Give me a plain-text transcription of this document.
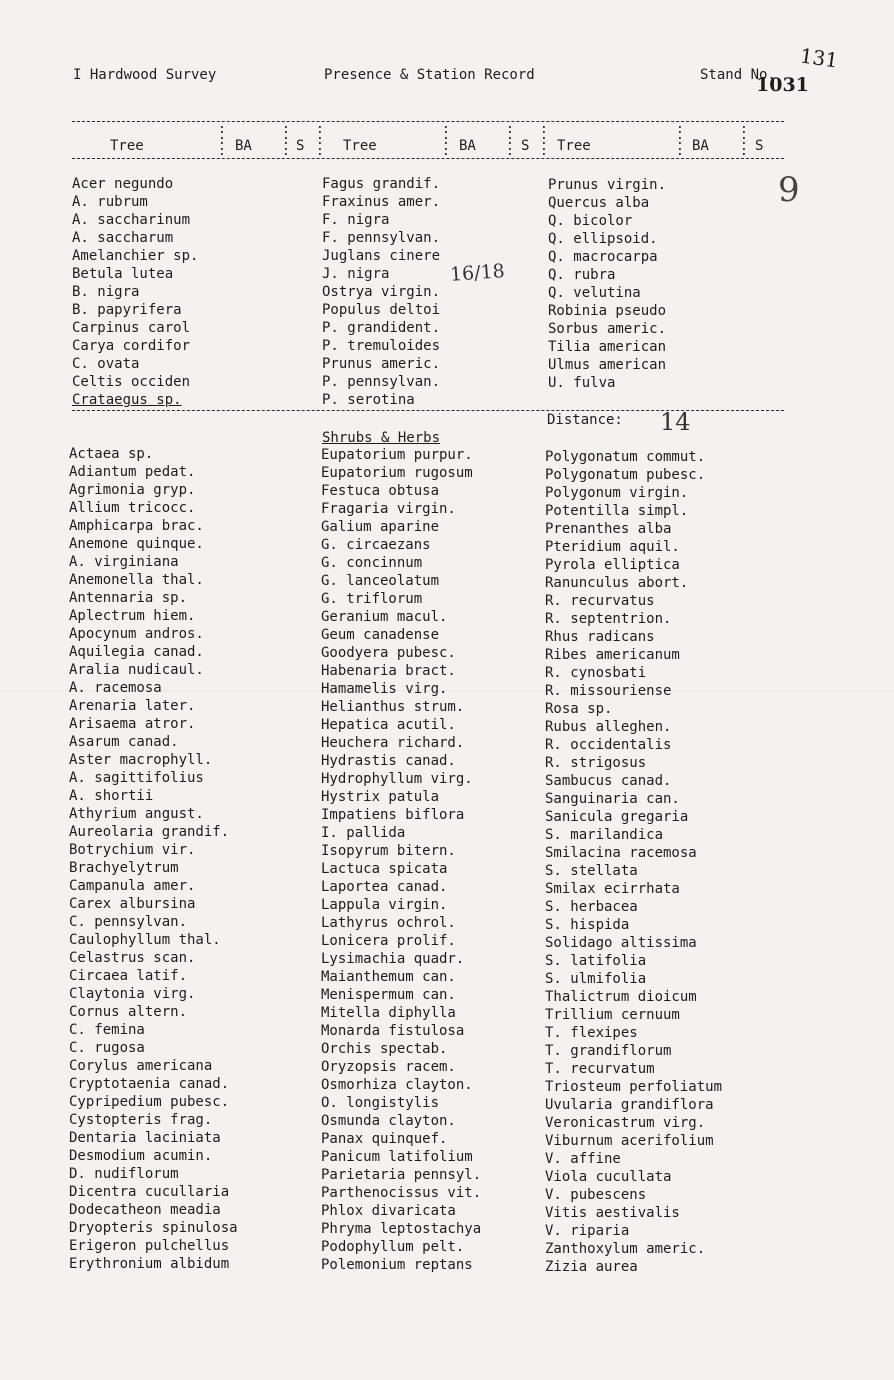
I Hardwood Survey	Presence & Station Record	Stand No.
131
1031
Tree	BA	S	Tree	BA	S Tree	BA	S
:
:
:
:
:
:
:
:
:
:
:
:
:
:
:
:
:
:
:
:
:
:
:
:
Acer negundo
A. rubrum
A. saccharinum
A. saccharum
Amelanchier sp.
Betula lutea
B. nigra
B. papyrifera
Carpinus carol
Carya cordifor
C. ovata
Celtis occiden
Crataegus sp.
Fagus grandif.
Fraxinus amer.
F. nigra
F. pennsylvan.
Juglans cinere
J. nigra
Ostrya virgin.
Populus deltoi
P. grandident.
P. tremuloides
Prunus americ.
P. pennsylvan.
P. serotina
Prunus virgin.
Quercus alba
Q. bicolor
Q. ellipsoid.
Q. macrocarpa
Q. rubra
Q. velutina
Robinia pseudo
Sorbus americ.
Tilia american
Ulmus american
U. fulva
9
16/18
Distance: 14
Shrubs & Herbs
Actaea sp.
Adiantum pedat.
Agrimonia gryp.
Allium tricocc.
Amphicarpa brac.
Anemone quinque.
A. virginiana
Anemonella thal.
Antennaria sp.
Aplectrum hiem.
Apocynum andros.
Aquilegia canad.
Aralia nudicaul.
A. racemosa
Arenaria later.
Arisaema atror.
Asarum canad.
Aster macrophyll.
A. sagittifolius
A. shortii
Athyrium angust.
Aureolaria grandif.
Botrychium vir.
Brachyelytrum
Campanula amer.
Carex albursina
C. pennsylvan.
Caulophyllum thal.
Celastrus scan.
Circaea latif.
Claytonia virg.
Cornus altern.
C. femina
C. rugosa
Corylus americana
Cryptotaenia canad.
Cypripedium pubesc.
Cystopteris frag.
Dentaria laciniata
Desmodium acumin.
D. nudiflorum
Dicentra cucullaria
Dodecatheon meadia
Dryopteris spinulosa
Erigeron pulchellus
Erythronium albidum
Eupatorium purpur.
Eupatorium rugosum
Festuca obtusa
Fragaria virgin.
Galium aparine
G. circaezans
G. concinnum
G. lanceolatum
G. triflorum
Geranium macul.
Geum canadense
Goodyera pubesc.
Habenaria bract.
Hamamelis virg.
Helianthus strum.
Hepatica acutil.
Heuchera richard.
Hydrastis canad.
Hydrophyllum virg.
Hystrix patula
Impatiens biflora
I. pallida
Isopyrum bitern.
Lactuca spicata
Laportea canad.
Lappula virgin.
Lathyrus ochrol.
Lonicera prolif.
Lysimachia quadr.
Maianthemum can.
Menispermum can.
Mitella diphylla
Monarda fistulosa
Orchis spectab.
Oryzopsis racem.
Osmorhiza clayton.
O. longistylis
Osmunda clayton.
Panax quinquef.
Panicum latifolium
Parietaria pennsyl.
Parthenocissus vit.
Phlox divaricata
Phryma leptostachya
Podophyllum pelt.
Polemonium reptans
Polygonatum commut.
Polygonatum pubesc.
Polygonum virgin.
Potentilla simpl.
Prenanthes alba
Pteridium aquil.
Pyrola elliptica
Ranunculus abort.
R. recurvatus
R. septentrion.
Rhus radicans
Ribes americanum
R. cynosbati
R. missouriense
Rosa sp.
Rubus alleghen.
R. occidentalis
R. strigosus
Sambucus canad.
Sanguinaria can.
Sanicula gregaria
S. marilandica
Smilacina racemosa
S. stellata
Smilax ecirrhata
S. herbacea
S. hispida
Solidago altissima
S. latifolia
S. ulmifolia
Thalictrum dioicum
Trillium cernuum
T. flexipes
T. grandiflorum
T. recurvatum
Triosteum perfoliatum
Uvularia grandiflora
Veronicastrum virg.
Viburnum acerifolium
V. affine
Viola cucullata
V. pubescens
Vitis aestivalis
V. riparia
Zanthoxylum americ.
Zizia aurea
